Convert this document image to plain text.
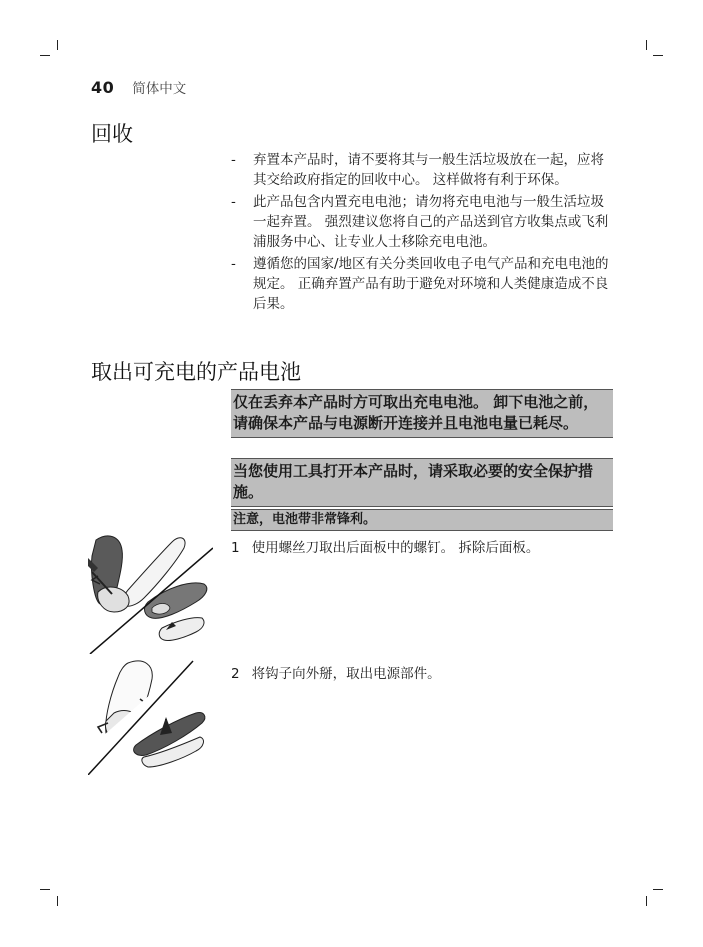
40 简体中文
回收
- 弃置本产品时，请不要将其与一般生活垃圾放在一起，应将其交给政府指定的回收中心。 这样做将有利于环保。
- 此产品包含内置充电电池；请勿将充电电池与一般生活垃圾一起弃置。 强烈建议您将自己的产品送到官方收集点或飞利浦服务中心、让专业人士移除充电电池。
- 遵循您的国家/地区有关分类回收电子电气产品和充电电池的规定。 正确弃置产品有助于避免对环境和人类健康造成不良后果。
取出可充电的产品电池
仅在丢弃本产品时方可取出充电电池。 卸下电池之前，请确保本产品与电源断开连接并且电池电量已耗尽。
当您使用工具打开本产品时，请采取必要的安全保护措施。
注意，电池带非常锋利。
1 使用螺丝刀取出后面板中的螺钉。 拆除后面板。
2 将钩子向外掰，取出电源部件。
